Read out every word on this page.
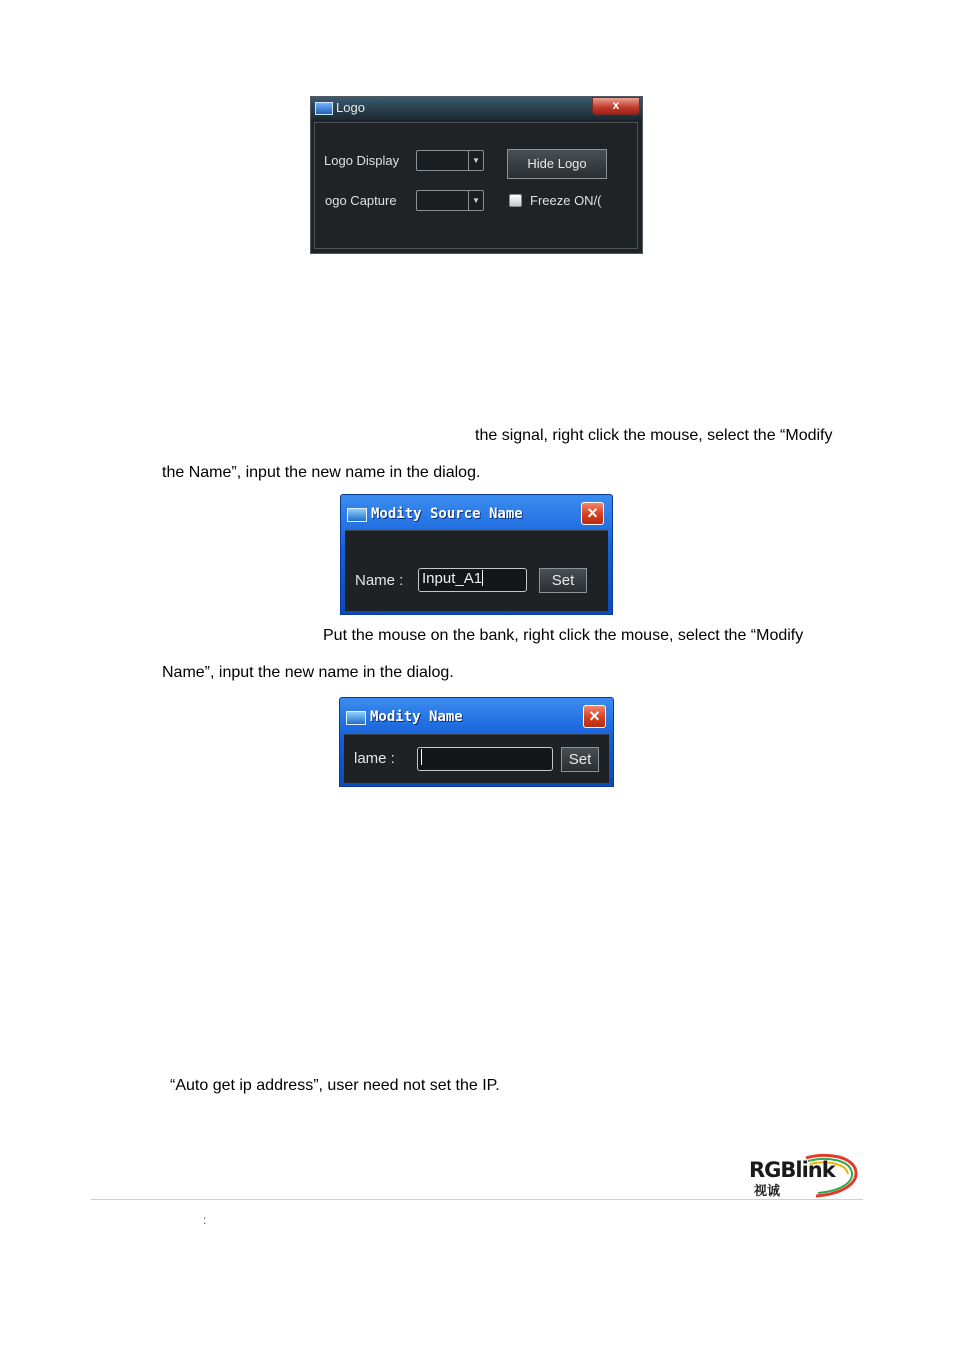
Logo	x
Logo Display	▼	Hide Logo
ogo Capture	▼	Freeze ON/(
the signal, right click the mouse, select the “Modify
the Name”, input the new name in the dialog.
Modity Source Name	×
Name : Input_A1	Set
Put the mouse on the bank, right click the mouse, select the “Modify
Name”, input the new name in the dialog.
Modity Name	×
lame :	Set
“Auto get ip address”, user need not set the IP.
RGBlink
视诚
:
